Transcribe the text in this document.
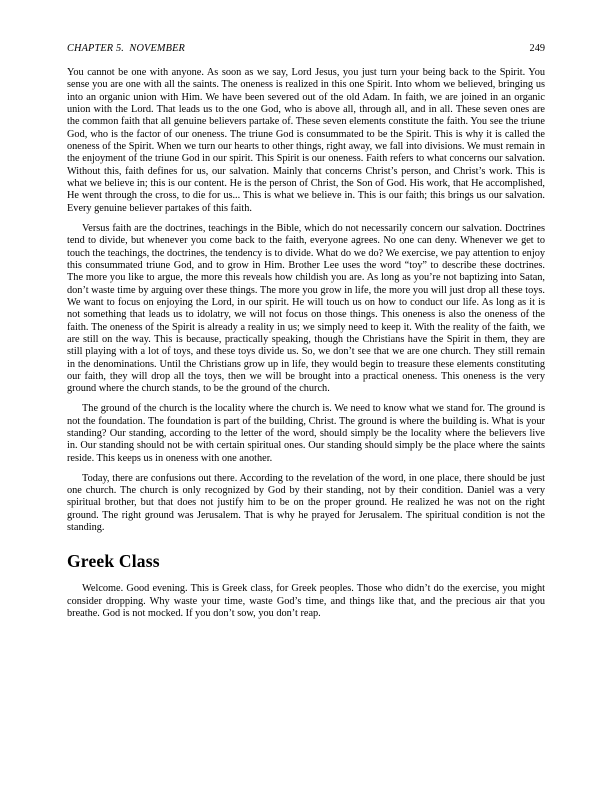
CHAPTER 5.  NOVEMBER	249

You cannot be one with anyone. As soon as we say, Lord Jesus, you just turn your being back to the Spirit. You sense you are one with all the saints. The oneness is realized in this one Spirit. Into whom we believed, bringing us into an organic union with Him. We have been severed out of the old Adam. In faith, we are joined in an organic union with the Lord. That leads us to the one God, who is above all, through all, and in all. These seven ones are the common faith that all genuine believers partake of. These seven elements constitute the faith. You see the triune God, who is the factor of our oneness. The triune God is consummated to be the Spirit. This is why it is called the oneness of the Spirit. When we turn our hearts to other things, right away, we fall into divisions. We must remain in the enjoyment of the triune God in our spirit. This Spirit is our oneness. Faith refers to what concerns our salvation. Without this, faith defines for us, our salvation. Mainly that concerns Christ’s person, and Christ’s work. This is what we believe in; this is our content. He is the person of Christ, the Son of God. His work, that He accomplished, He went through the cross, to die for us... This is what we believe in. This is our faith; this brings us our salvation. Every genuine believer partakes of this faith.

Versus faith are the doctrines, teachings in the Bible, which do not necessarily concern our salvation. Doctrines tend to divide, but whenever you come back to the faith, everyone agrees. No one can deny. Whenever we get to touch the teachings, the doctrines, the tendency is to divide. What do we do? We exercise, we pay attention to enjoy this consummated triune God, and to grow in Him. Brother Lee uses the word “toy” to describe these doctrines. The more you like to argue, the more this reveals how childish you are. As long as you’re not baptizing into Satan, don’t waste time by arguing over these things. The more you grow in life, the more you will just drop all these toys. We want to focus on enjoying the Lord, in our spirit. He will touch us on how to conduct our life. As long as it is not something that leads us to idolatry, we will not focus on those things. This oneness is also the oneness of the faith. The oneness of the Spirit is already a reality in us; we simply need to keep it. With the reality of the faith, we are still on the way. This is because, practically speaking, though the Christians have the Spirit in them, they are still playing with a lot of toys, and these toys divide us. So, we don’t see that we are one church. They still remain in the denominations. Until the Christians grow up in life, they would begin to treasure these elements constituting our faith, they will drop all the toys, then we will be brought into a practical oneness. This oneness is the very ground where the church stands, to be the ground of the church.

The ground of the church is the locality where the church is. We need to know what we stand for. The ground is not the foundation. The foundation is part of the building, Christ. The ground is where the building is. What is your standing? Our standing, according to the letter of the word, should simply be the locality where the believers live in. Our standing should not be with certain spiritual ones. Our standing should simply be the place where the saints reside. This keeps us in oneness with one another.

Today, there are confusions out there. According to the revelation of the word, in one place, there should be just one church. The church is only recognized by God by their standing, not by their condition. Daniel was a very spiritual brother, but that does not justify him to be on the proper ground. He realized he was not on the right ground. The right ground was Jerusalem. That is why he prayed for Jerusalem. The spiritual condition is not the standing.

Greek Class

Welcome. Good evening. This is Greek class, for Greek peoples. Those who didn’t do the exercise, you might consider dropping. Why waste your time, waste God’s time, and things like that, and the precious air that you breathe. God is not mocked. If you don’t sow, you don’t reap.
